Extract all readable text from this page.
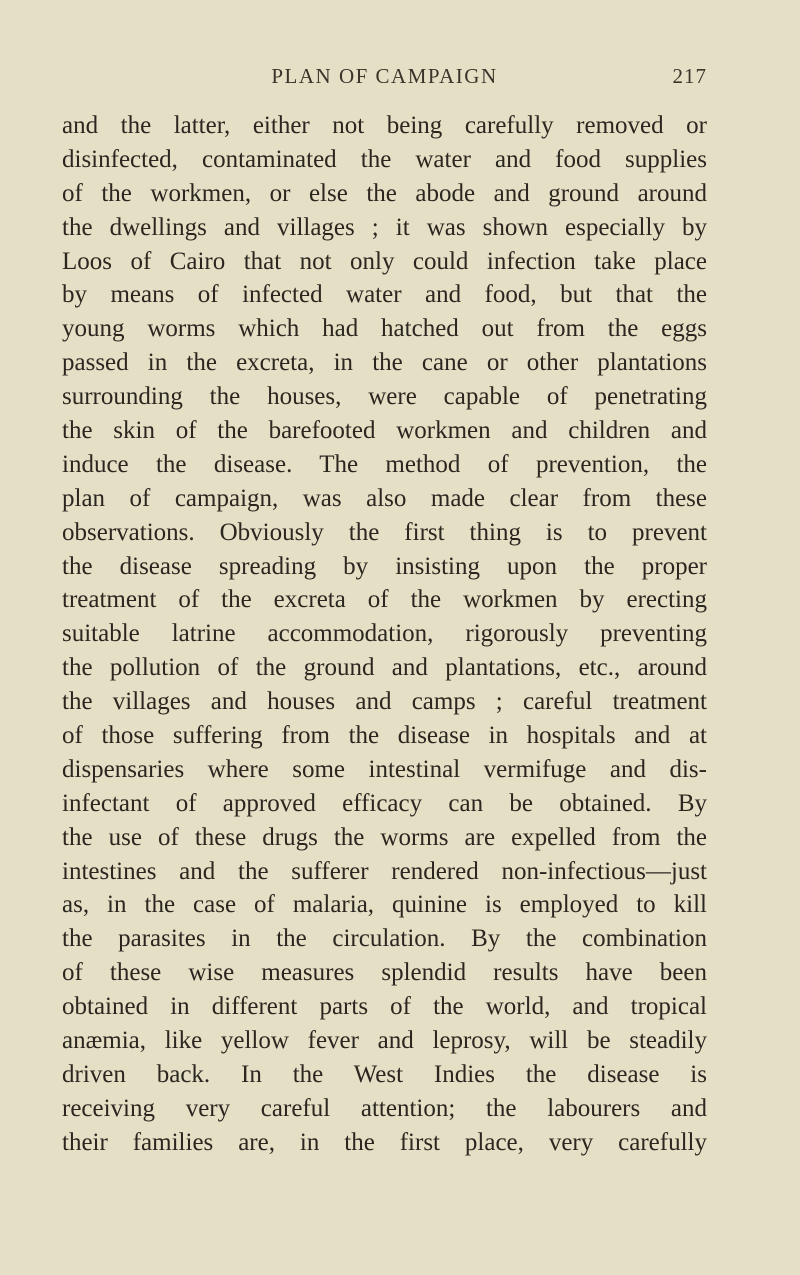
PLAN OF CAMPAIGN	217
and the latter, either not being carefully removed or
disinfected, contaminated the water and food supplies
of the workmen, or else the abode and ground around
the dwellings and villages ; it was shown especially by
Loos of Cairo that not only could infection take place
by means of infected water and food, but that the
young worms which had hatched out from the eggs
passed in the excreta, in the cane or other plantations
surrounding the houses, were capable of penetrating
the skin of the barefooted workmen and children and
induce the disease. The method of prevention, the
plan of campaign, was also made clear from these
observations. Obviously the first thing is to prevent
the disease spreading by insisting upon the proper
treatment of the excreta of the workmen by erecting
suitable latrine accommodation, rigorously preventing
the pollution of the ground and plantations, etc., around
the villages and houses and camps ; careful treatment
of those suffering from the disease in hospitals and at
dispensaries where some intestinal vermifuge and dis-
infectant of approved efficacy can be obtained. By
the use of these drugs the worms are expelled from the
intestines and the sufferer rendered non-infectious—just
as, in the case of malaria, quinine is employed to kill
the parasites in the circulation. By the combination
of these wise measures splendid results have been
obtained in different parts of the world, and tropical
anæmia, like yellow fever and leprosy, will be steadily
driven back. In the West Indies the disease is
receiving very careful attention; the labourers and
their families are, in the first place, very carefully
